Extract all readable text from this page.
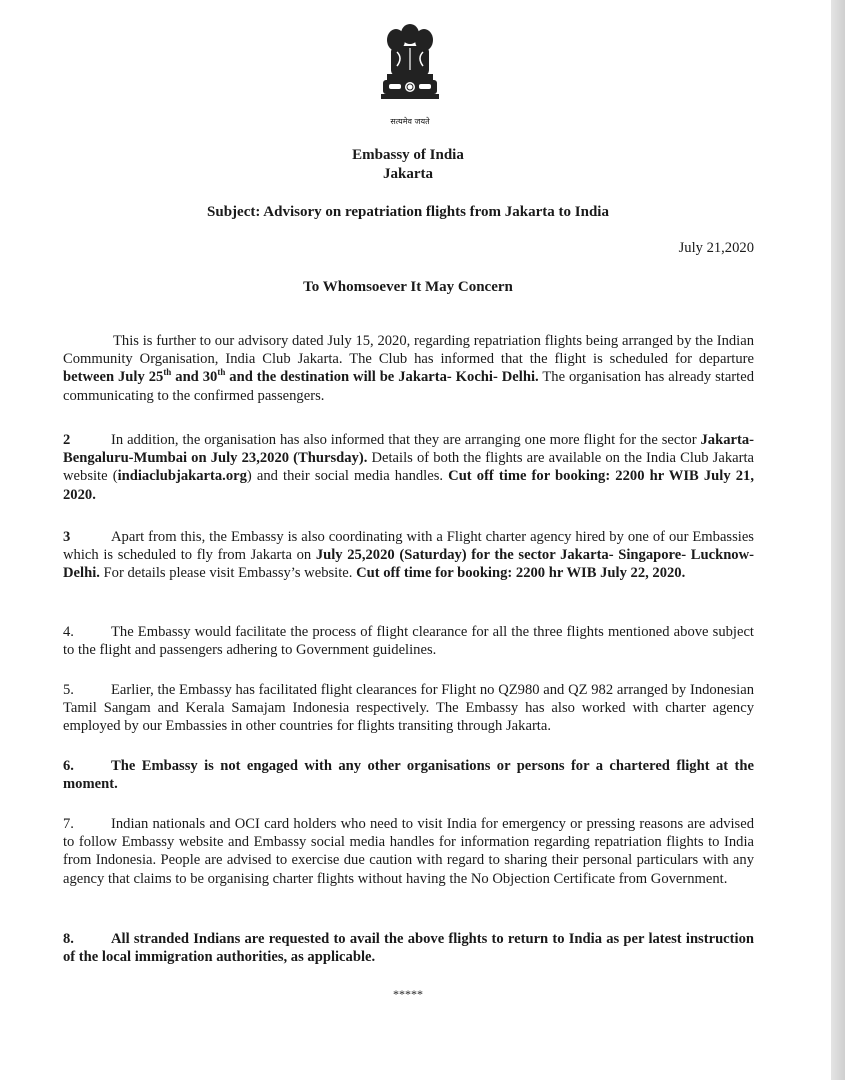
सत्यमेव जयते
Embassy of India
Jakarta
Subject: Advisory on repatriation flights from Jakarta to India
July 21,2020
To Whomsoever It May Concern

This is further to our advisory dated July 15, 2020, regarding repatriation flights being arranged by the Indian Community Organisation, India Club Jakarta. The Club has informed that the flight is scheduled for departure between July 25th and 30th and the destination will be Jakarta- Kochi- Delhi. The organisation has already started communicating to the confirmed passengers.

2	In addition, the organisation has also informed that they are arranging one more flight for the sector Jakarta- Bengaluru-Mumbai on July 23,2020 (Thursday). Details of both the flights are available on the India Club Jakarta website (indiaclubjakarta.org) and their social media handles. Cut off time for booking: 2200 hr WIB July 21, 2020.

3	Apart from this, the Embassy is also coordinating with a Flight charter agency hired by one of our Embassies which is scheduled to fly from Jakarta on July 25,2020 (Saturday) for the sector Jakarta- Singapore- Lucknow-Delhi. For details please visit Embassy’s website. Cut off time for booking: 2200 hr WIB July 22, 2020.

4.	The Embassy would facilitate the process of flight clearance for all the three flights mentioned above subject to the flight and passengers adhering to Government guidelines.

5.	Earlier, the Embassy has facilitated flight clearances for Flight no QZ980 and QZ 982 arranged by Indonesian Tamil Sangam and Kerala Samajam Indonesia respectively. The Embassy has also worked with charter agency employed by our Embassies in other countries for flights transiting through Jakarta.

6.	The Embassy is not engaged with any other organisations or persons for a chartered flight at the moment.

7.	Indian nationals and OCI card holders who need to visit India for emergency or pressing reasons are advised to follow Embassy website and Embassy social media handles for information regarding repatriation flights to India from Indonesia. People are advised to exercise due caution with regard to sharing their personal particulars with any agency that claims to be organising charter flights without having the No Objection Certificate from Government.

8.	All stranded Indians are requested to avail the above flights to return to India as per latest instruction of the local immigration authorities, as applicable.

*****
